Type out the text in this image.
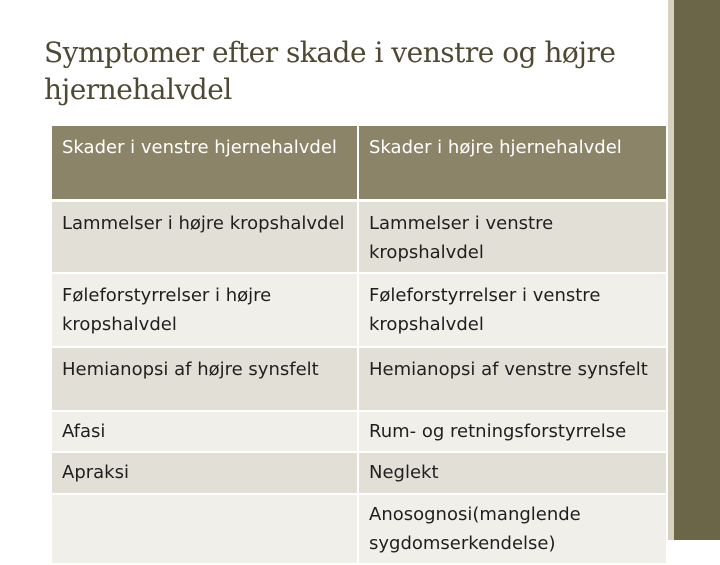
Symptomer efter skade i venstre og højre hjernehalvdel
Skader i venstre hjernehalvdel	Skader i højre hjernehalvdel
Lammelser i højre kropshalvdel	Lammelser i venstre kropshalvdel
Føleforstyrrelser i højre kropshalvdel	Føleforstyrrelser i venstre kropshalvdel
Hemianopsi af højre synsfelt	Hemianopsi af venstre synsfelt
Afasi	Rum- og retningsforstyrrelse
Apraksi	Neglekt
	Anosognosi(manglende sygdomserkendelse)
